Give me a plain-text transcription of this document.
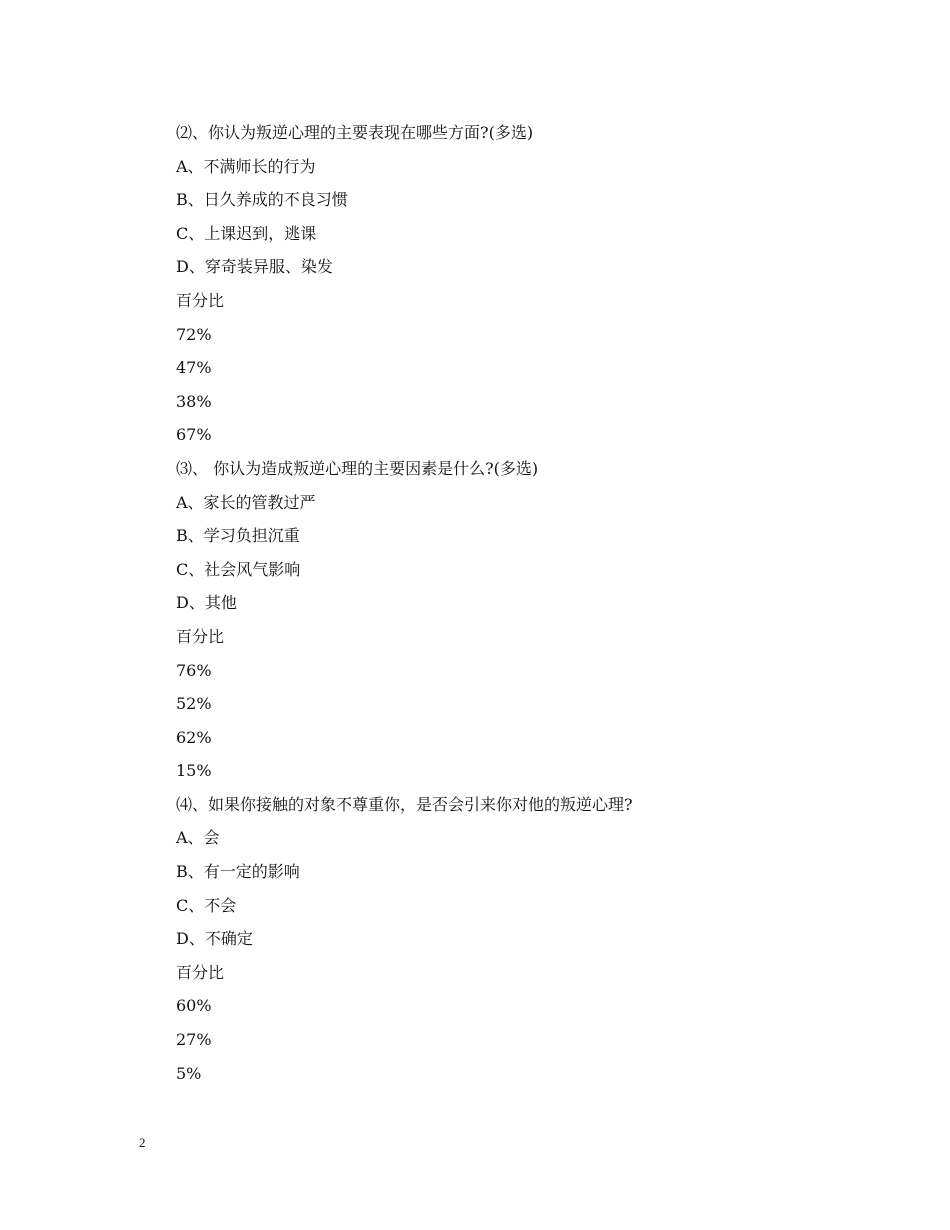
⑵、你认为叛逆心理的主要表现在哪些方面?(多选)
A、不满师长的行为
B、日久养成的不良习惯
C、上课迟到，逃课
D、穿奇装异服、染发
百分比
72%
47%
38%
67%
⑶、 你认为造成叛逆心理的主要因素是什么?(多选)
A、家长的管教过严
B、学习负担沉重
C、社会风气影响
D、其他
百分比
76%
52%
62%
15%
⑷、如果你接触的对象不尊重你，是否会引来你对他的叛逆心理?
A、会
B、有一定的影响
C、不会
D、不确定
百分比
60%
27%
5%
2
